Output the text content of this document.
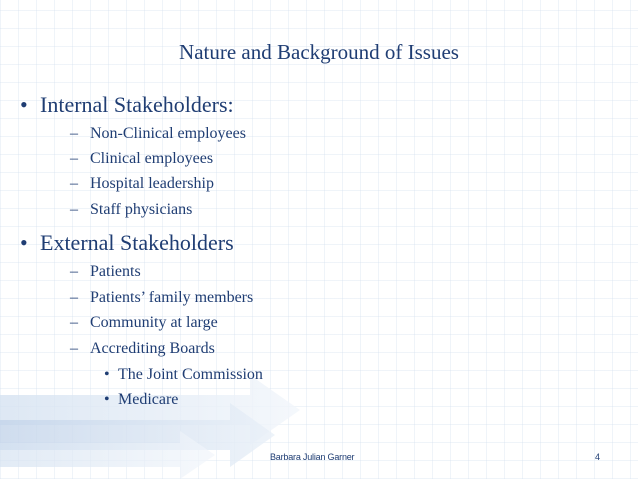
Nature and Background of Issues
• Internal Stakeholders:
– Non-Clinical employees
– Clinical employees
– Hospital leadership
– Staff physicians
• External Stakeholders
– Patients
– Patients’ family members
– Community at large
– Accrediting Boards
• The Joint Commission
• Medicare
Barbara Julian Garner	4
